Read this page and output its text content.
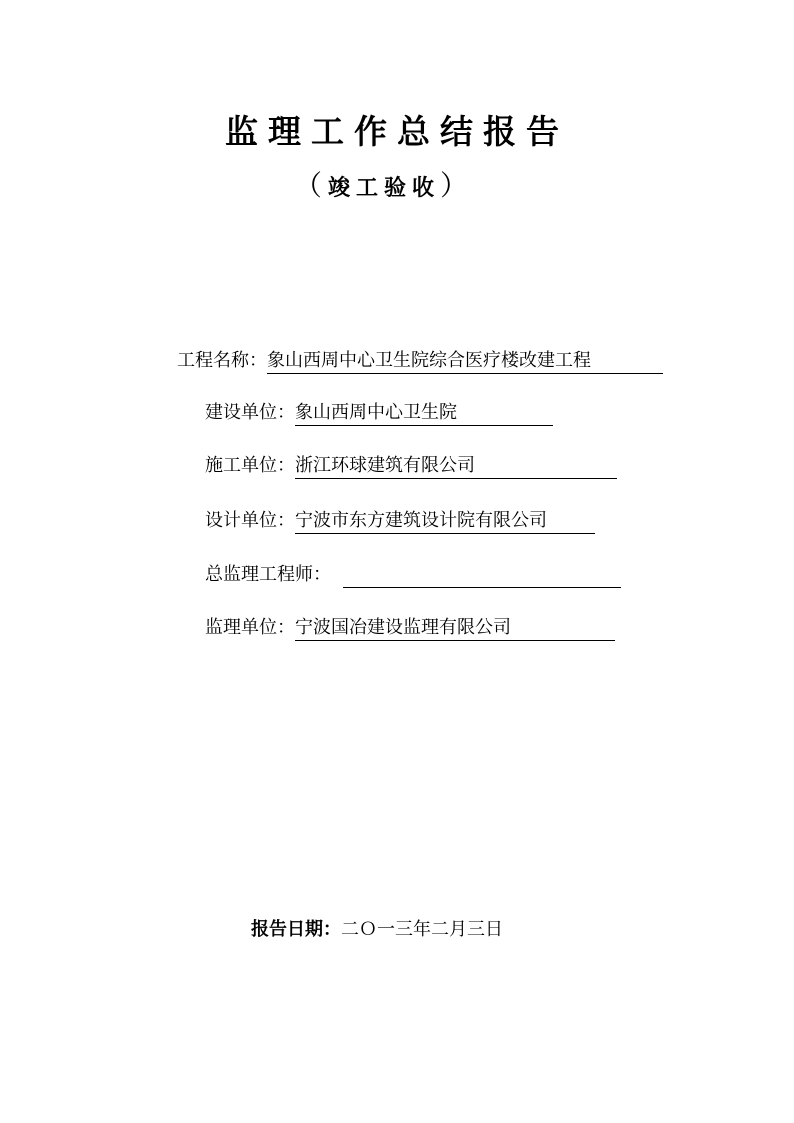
监理工作总结报告
（竣工验收）
工程名称：象山西周中心卫生院综合医疗楼改建工程
建设单位：象山西周中心卫生院
施工单位：浙江环球建筑有限公司
设计单位：宁波市东方建筑设计院有限公司
总监理工程师：
监理单位：宁波国冶建设监理有限公司
报告日期：二Ｏ一三年二月三日
